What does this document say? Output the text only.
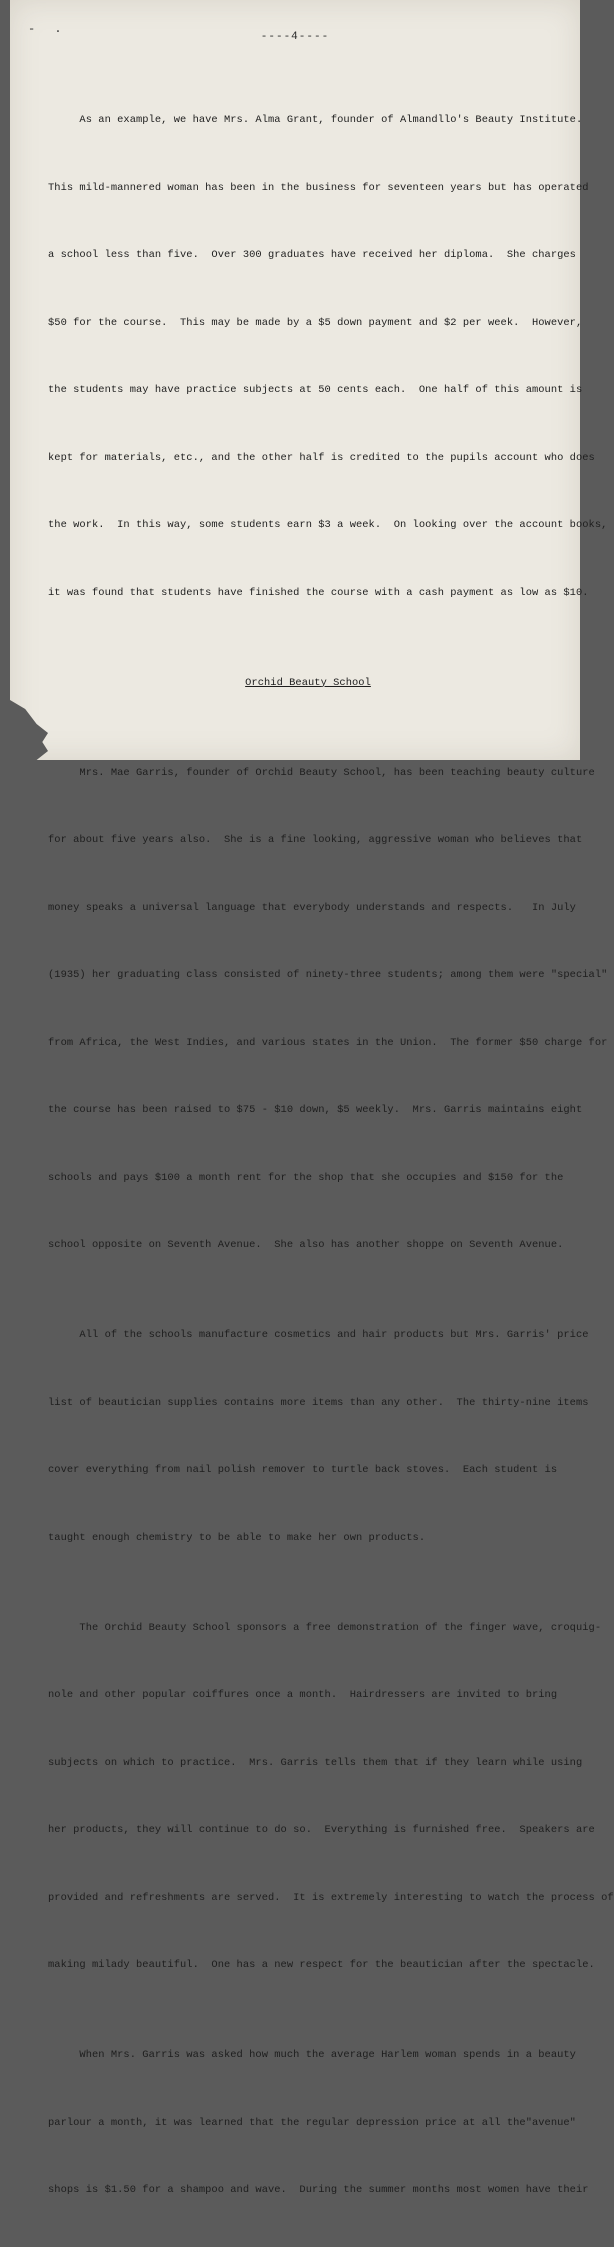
- .
----4----

As an example, we have Mrs. Alma Grant, founder of Almandllo's Beauty Institute.

This mild-mannered woman has been in the business for seventeen years but has operated

a school less than five.  Over 300 graduates have received her diploma.  She charges

$50 for the course.  This may be made by a $5 down payment and $2 per week.  However,

the students may have practice subjects at 50 cents each.  One half of this amount is

kept for materials, etc., and the other half is credited to the pupils account who does

the work.  In this way, some students earn $3 a week.  On looking over the account books,

it was found that students have finished the course with a cash payment as low as $10.

Orchid Beauty School

Mrs. Mae Garris, founder of Orchid Beauty School, has been teaching beauty culture

for about five years also.  She is a fine looking, aggressive woman who believes that

money speaks a universal language that everybody understands and respects.   In July

(1935) her graduating class consisted of ninety-three students; among them were "special"

from Africa, the West Indies, and various states in the Union.  The former $50 charge for

the course has been raised to $75 - $10 down, $5 weekly.  Mrs. Garris maintains eight

schools and pays $100 a month rent for the shop that she occupies and $150 for the

school opposite on Seventh Avenue.  She also has another shoppe on Seventh Avenue.

All of the schools manufacture cosmetics and hair products but Mrs. Garris' price

list of beautician supplies contains more items than any other.  The thirty-nine items

cover everything from nail polish remover to turtle back stoves.  Each student is

taught enough chemistry to be able to make her own products.

The Orchid Beauty School sponsors a free demonstration of the finger wave, croquig-

nole and other popular coiffures once a month.  Hairdressers are invited to bring

subjects on which to practice.  Mrs. Garris tells them that if they learn while using

her products, they will continue to do so.  Everything is furnished free.  Speakers are

provided and refreshments are served.  It is extremely interesting to watch the process of

making milady beautiful.  One has a new respect for the beautician after the spectacle.

When Mrs. Garris was asked how much the average Harlem woman spends in a beauty

parlour a month, it was learned that the regular depression price at all the"avenue"

shops is $1.50 for a shampoo and wave.  During the summer months most women have their
